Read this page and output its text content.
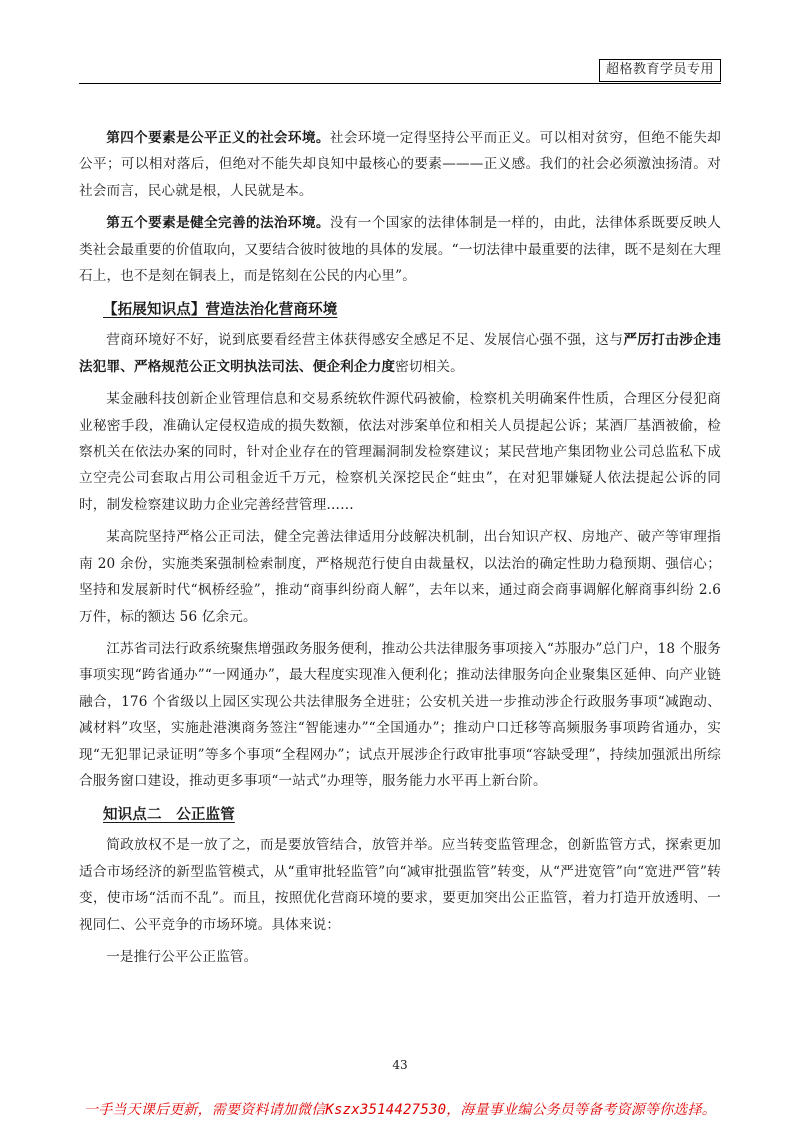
超格教育学员专用

第四个要素是公平正义的社会环境。社会环境一定得坚持公平而正义。可以相对贫穷，但绝不能失却公平；可以相对落后，但绝对不能失却良知中最核心的要素———正义感。我们的社会必须激浊扬清。对社会而言，民心就是根，人民就是本。

第五个要素是健全完善的法治环境。没有一个国家的法律体制是一样的，由此，法律体系既要反映人类社会最重要的价值取向，又要结合彼时彼地的具体的发展。“一切法律中最重要的法律，既不是刻在大理石上，也不是刻在铜表上，而是铭刻在公民的内心里”。

【拓展知识点】营造法治化营商环境

营商环境好不好，说到底要看经营主体获得感安全感足不足、发展信心强不强，这与严厉打击涉企违法犯罪、严格规范公正文明执法司法、便企利企力度密切相关。

某金融科技创新企业管理信息和交易系统软件源代码被偷，检察机关明确案件性质，合理区分侵犯商业秘密手段，准确认定侵权造成的损失数额，依法对涉案单位和相关人员提起公诉；某酒厂基酒被偷，检察机关在依法办案的同时，针对企业存在的管理漏洞制发检察建议；某民营地产集团物业公司总监私下成立空壳公司套取占用公司租金近千万元，检察机关深挖民企“蛀虫”，在对犯罪嫌疑人依法提起公诉的同时，制发检察建议助力企业完善经营管理……

某高院坚持严格公正司法，健全完善法律适用分歧解决机制，出台知识产权、房地产、破产等审理指南 20 余份，实施类案强制检索制度，严格规范行使自由裁量权，以法治的确定性助力稳预期、强信心；坚持和发展新时代“枫桥经验”，推动“商事纠纷商人解”，去年以来，通过商会商事调解化解商事纠纷 2.6 万件，标的额达 56 亿余元。

江苏省司法行政系统聚焦增强政务服务便利，推动公共法律服务事项接入“苏服办”总门户，18 个服务事项实现“跨省通办”“一网通办”，最大程度实现准入便利化；推动法律服务向企业聚集区延伸、向产业链融合，176 个省级以上园区实现公共法律服务全进驻；公安机关进一步推动涉企行政服务事项“减跑动、减材料”攻坚，实施赴港澳商务签注“智能速办”“全国通办”；推动户口迁移等高频服务事项跨省通办，实现“无犯罪记录证明”等多个事项“全程网办”；试点开展涉企行政审批事项“容缺受理”，持续加强派出所综合服务窗口建设，推动更多事项“一站式”办理等，服务能力水平再上新台阶。

知识点二　公正监管

简政放权不是一放了之，而是要放管结合，放管并举。应当转变监管理念，创新监管方式，探索更加适合市场经济的新型监管模式，从“重审批轻监管”向“减审批强监管”转变，从“严进宽管”向“宽进严管”转变，使市场“活而不乱”。而且，按照优化营商环境的要求，要更加突出公正监管，着力打造开放透明、一视同仁、公平竞争的市场环境。具体来说：

一是推行公平公正监管。

43
一手当天课后更新，需要资料请加微信Kszx3514427530，海量事业编公务员等备考资源等你选择。
